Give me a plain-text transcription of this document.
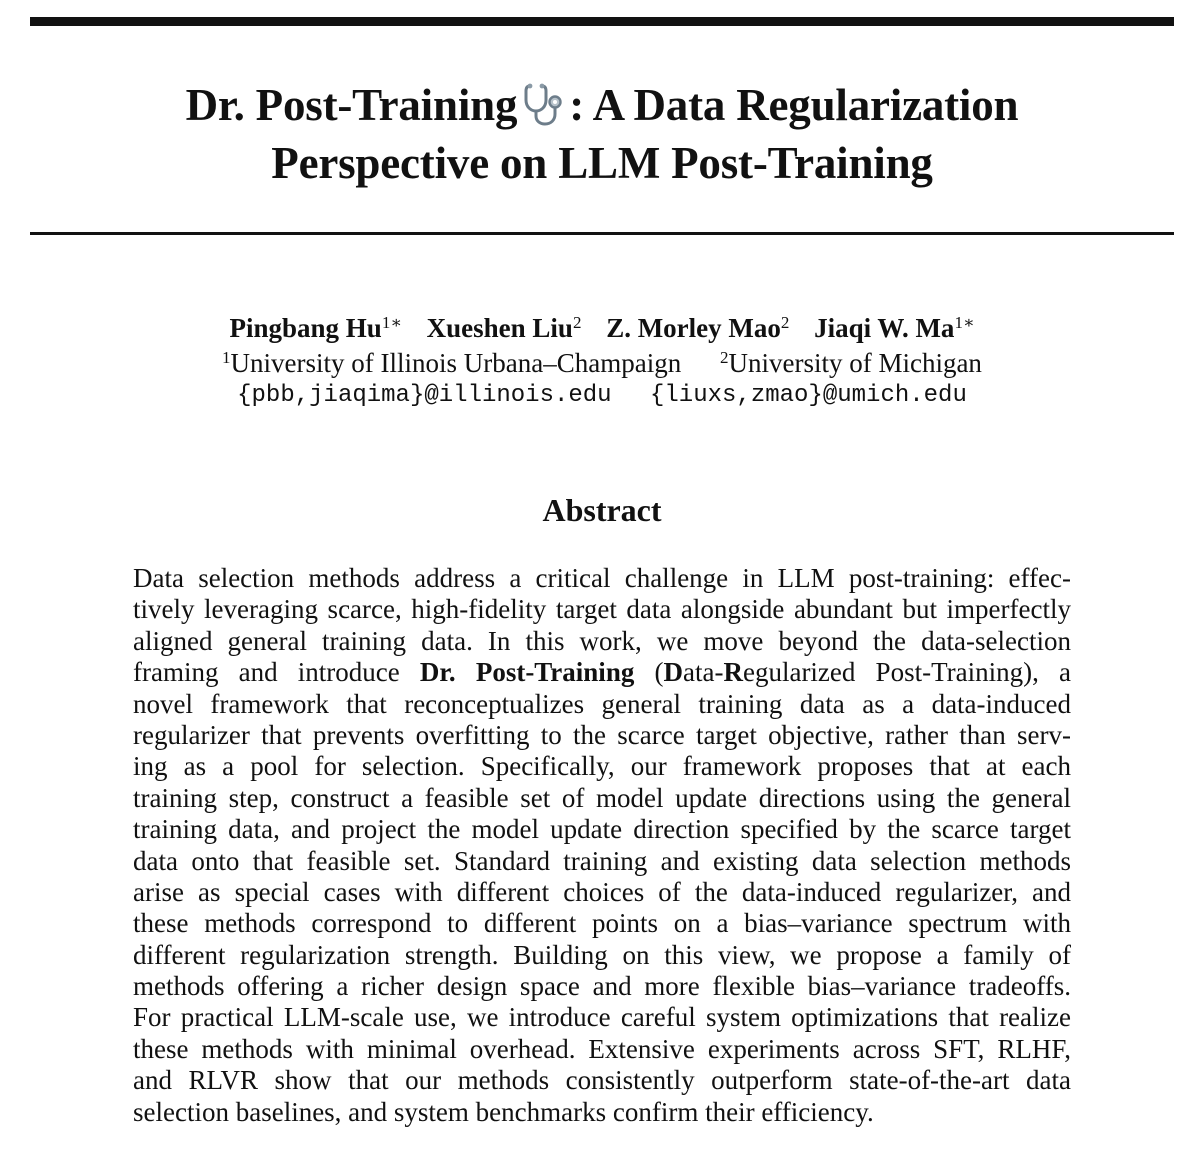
Dr. Post-Training : A Data Regularization
Perspective on LLM Post-Training
Pingbang $Hu^{1∗}$ Xueshen Liu$^2$ Z. Morley Mao$^2$ Jiaqi W. $Ma^{1∗}$
$^1$University of Illinois Urbana–Champaign $^2$University of Michigan
{pbb,jiaqima}@illinois.edu {liuxs,zmao}@umich.edu
Abstract
Data selection methods address a critical challenge in LLM post-training: effec-
tively leveraging scarce, high-fidelity target data alongside abundant but imperfectly
aligned general training data. In this work, we move beyond the data-selection
framing and introduce Dr. Post-Training (Data-Regularized Post-Training), a
novel framework that reconceptualizes general training data as a data-induced
regularizer that prevents overfitting to the scarce target objective, rather than serv-
ing as a pool for selection. Specifically, our framework proposes that at each
training step, construct a feasible set of model update directions using the general
training data, and project the model update direction specified by the scarce target
data onto that feasible set. Standard training and existing data selection methods
arise as special cases with different choices of the data-induced regularizer, and
these methods correspond to different points on a bias–variance spectrum with
different regularization strength. Building on this view, we propose a family of
methods offering a richer design space and more flexible bias–variance tradeoffs.
For practical LLM-scale use, we introduce careful system optimizations that realize
these methods with minimal overhead. Extensive experiments across SFT, RLHF,
and RLVR show that our methods consistently outperform state-of-the-art data
selection baselines, and system benchmarks confirm their efficiency.
